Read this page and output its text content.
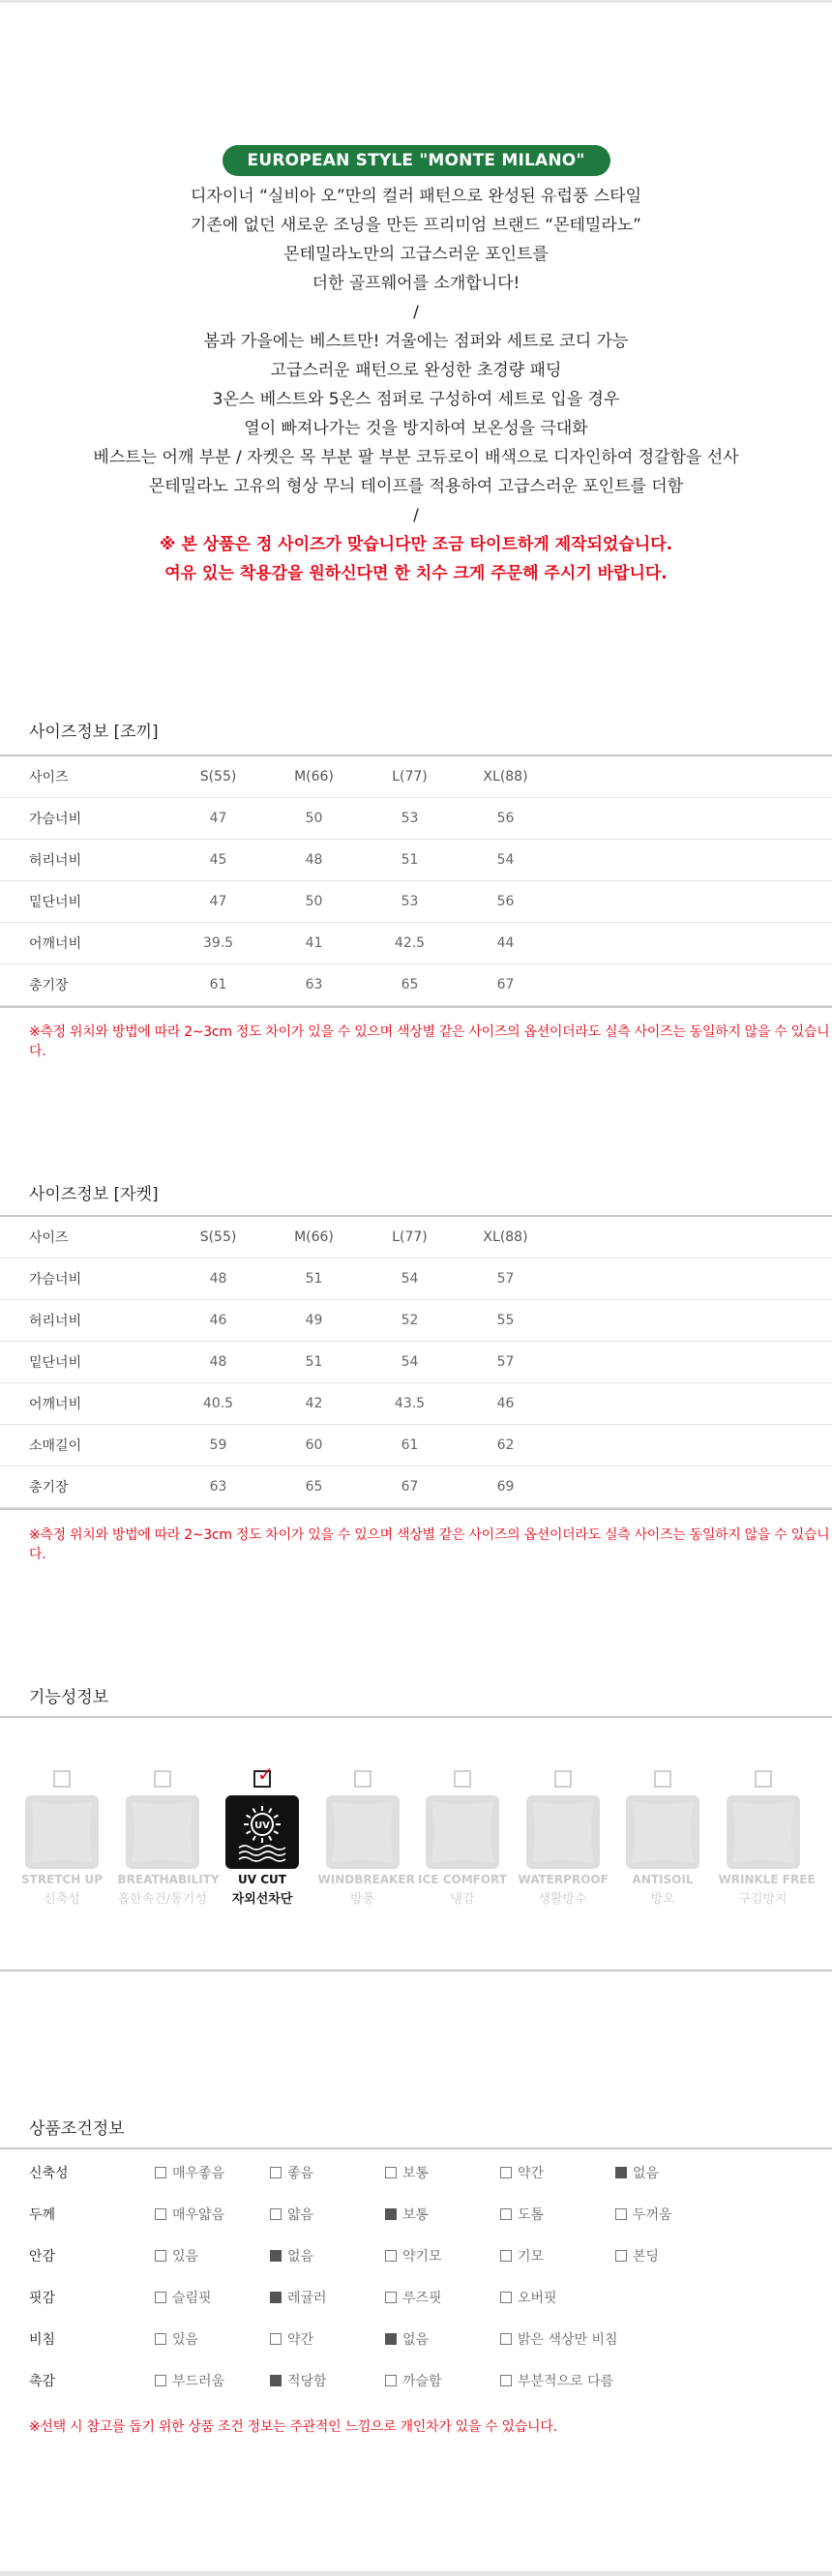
EUROPEAN STYLE "MONTE MILANO"
디자이너 “실비아 오”만의 컬러 패턴으로 완성된 유럽풍 스타일
기존에 없던 새로운 조닝을 만든 프리미엄 브랜드 “몬테밀라노”
몬테밀라노만의 고급스러운 포인트를
더한 골프웨어를 소개합니다!
/
봄과 가을에는 베스트만! 겨울에는 점퍼와 세트로 코디 가능
고급스러운 패턴으로 완성한 초경량 패딩
3온스 베스트와 5온스 점퍼로 구성하여 세트로 입을 경우
열이 빠져나가는 것을 방지하여 보온성을 극대화
베스트는 어깨 부분 / 자켓은 목 부분 팔 부분 코듀로이 배색으로 디자인하여 정갈함을 선사
몬테밀라노 고유의 형상 무늬 테이프를 적용하여 고급스러운 포인트를 더함
/
※ 본 상품은 정 사이즈가 맞습니다만 조금 타이트하게 제작되었습니다.
여유 있는 착용감을 원하신다면 한 치수 크게 주문해 주시기 바랍니다.
사이즈정보 [조끼]
사이즈	S(55)	M(66)	L(77)	XL(88)
가슴너비	47	50	53	56
허리너비	45	48	51	54
밑단너비	47	50	53	56
어깨너비	39.5	41	42.5	44
총기장	61	63	65	67
※측정 위치와 방법에 따라 2~3cm 정도 차이가 있을 수 있으며 색상별 같은 사이즈의 옵션이더라도 실측 사이즈는 동일하지 않을 수 있습니다.
사이즈정보 [자켓]
사이즈	S(55)	M(66)	L(77)	XL(88)
가슴너비	48	51	54	57
허리너비	46	49	52	55
밑단너비	48	51	54	57
어깨너비	40.5	42	43.5	46
소매길이	59	60	61	62
총기장	63	65	67	69
※측정 위치와 방법에 따라 2~3cm 정도 차이가 있을 수 있으며 색상별 같은 사이즈의 옵션이더라도 실측 사이즈는 동일하지 않을 수 있습니다.
기능성정보
STRETCH UP
신축성
BREATHABILITY
흡한속건/통기성
✓
UV
UV CUT
자외선차단
WINDBREAKER
방풍
ICE COMFORT
냉감
WATERPROOF
생활방수
ANTISOIL
방오
WRINKLE FREE
구김방지
상품조건정보
신축성	매우좋음	좋음	보통	약간	없음
두께	매우얇음	얇음	보통	도톰	두꺼움
안감	있음	없음	약기모	기모	본딩
핏감	슬림핏	레귤러	루즈핏	오버핏
비침	있음	약간	없음	밝은 색상만 비침
촉감	부드러움	적당함	까슬함	부분적으로 다름
※선택 시 참고를 돕기 위한 상품 조건 정보는 주관적인 느낌으로 개인차가 있을 수 있습니다.
